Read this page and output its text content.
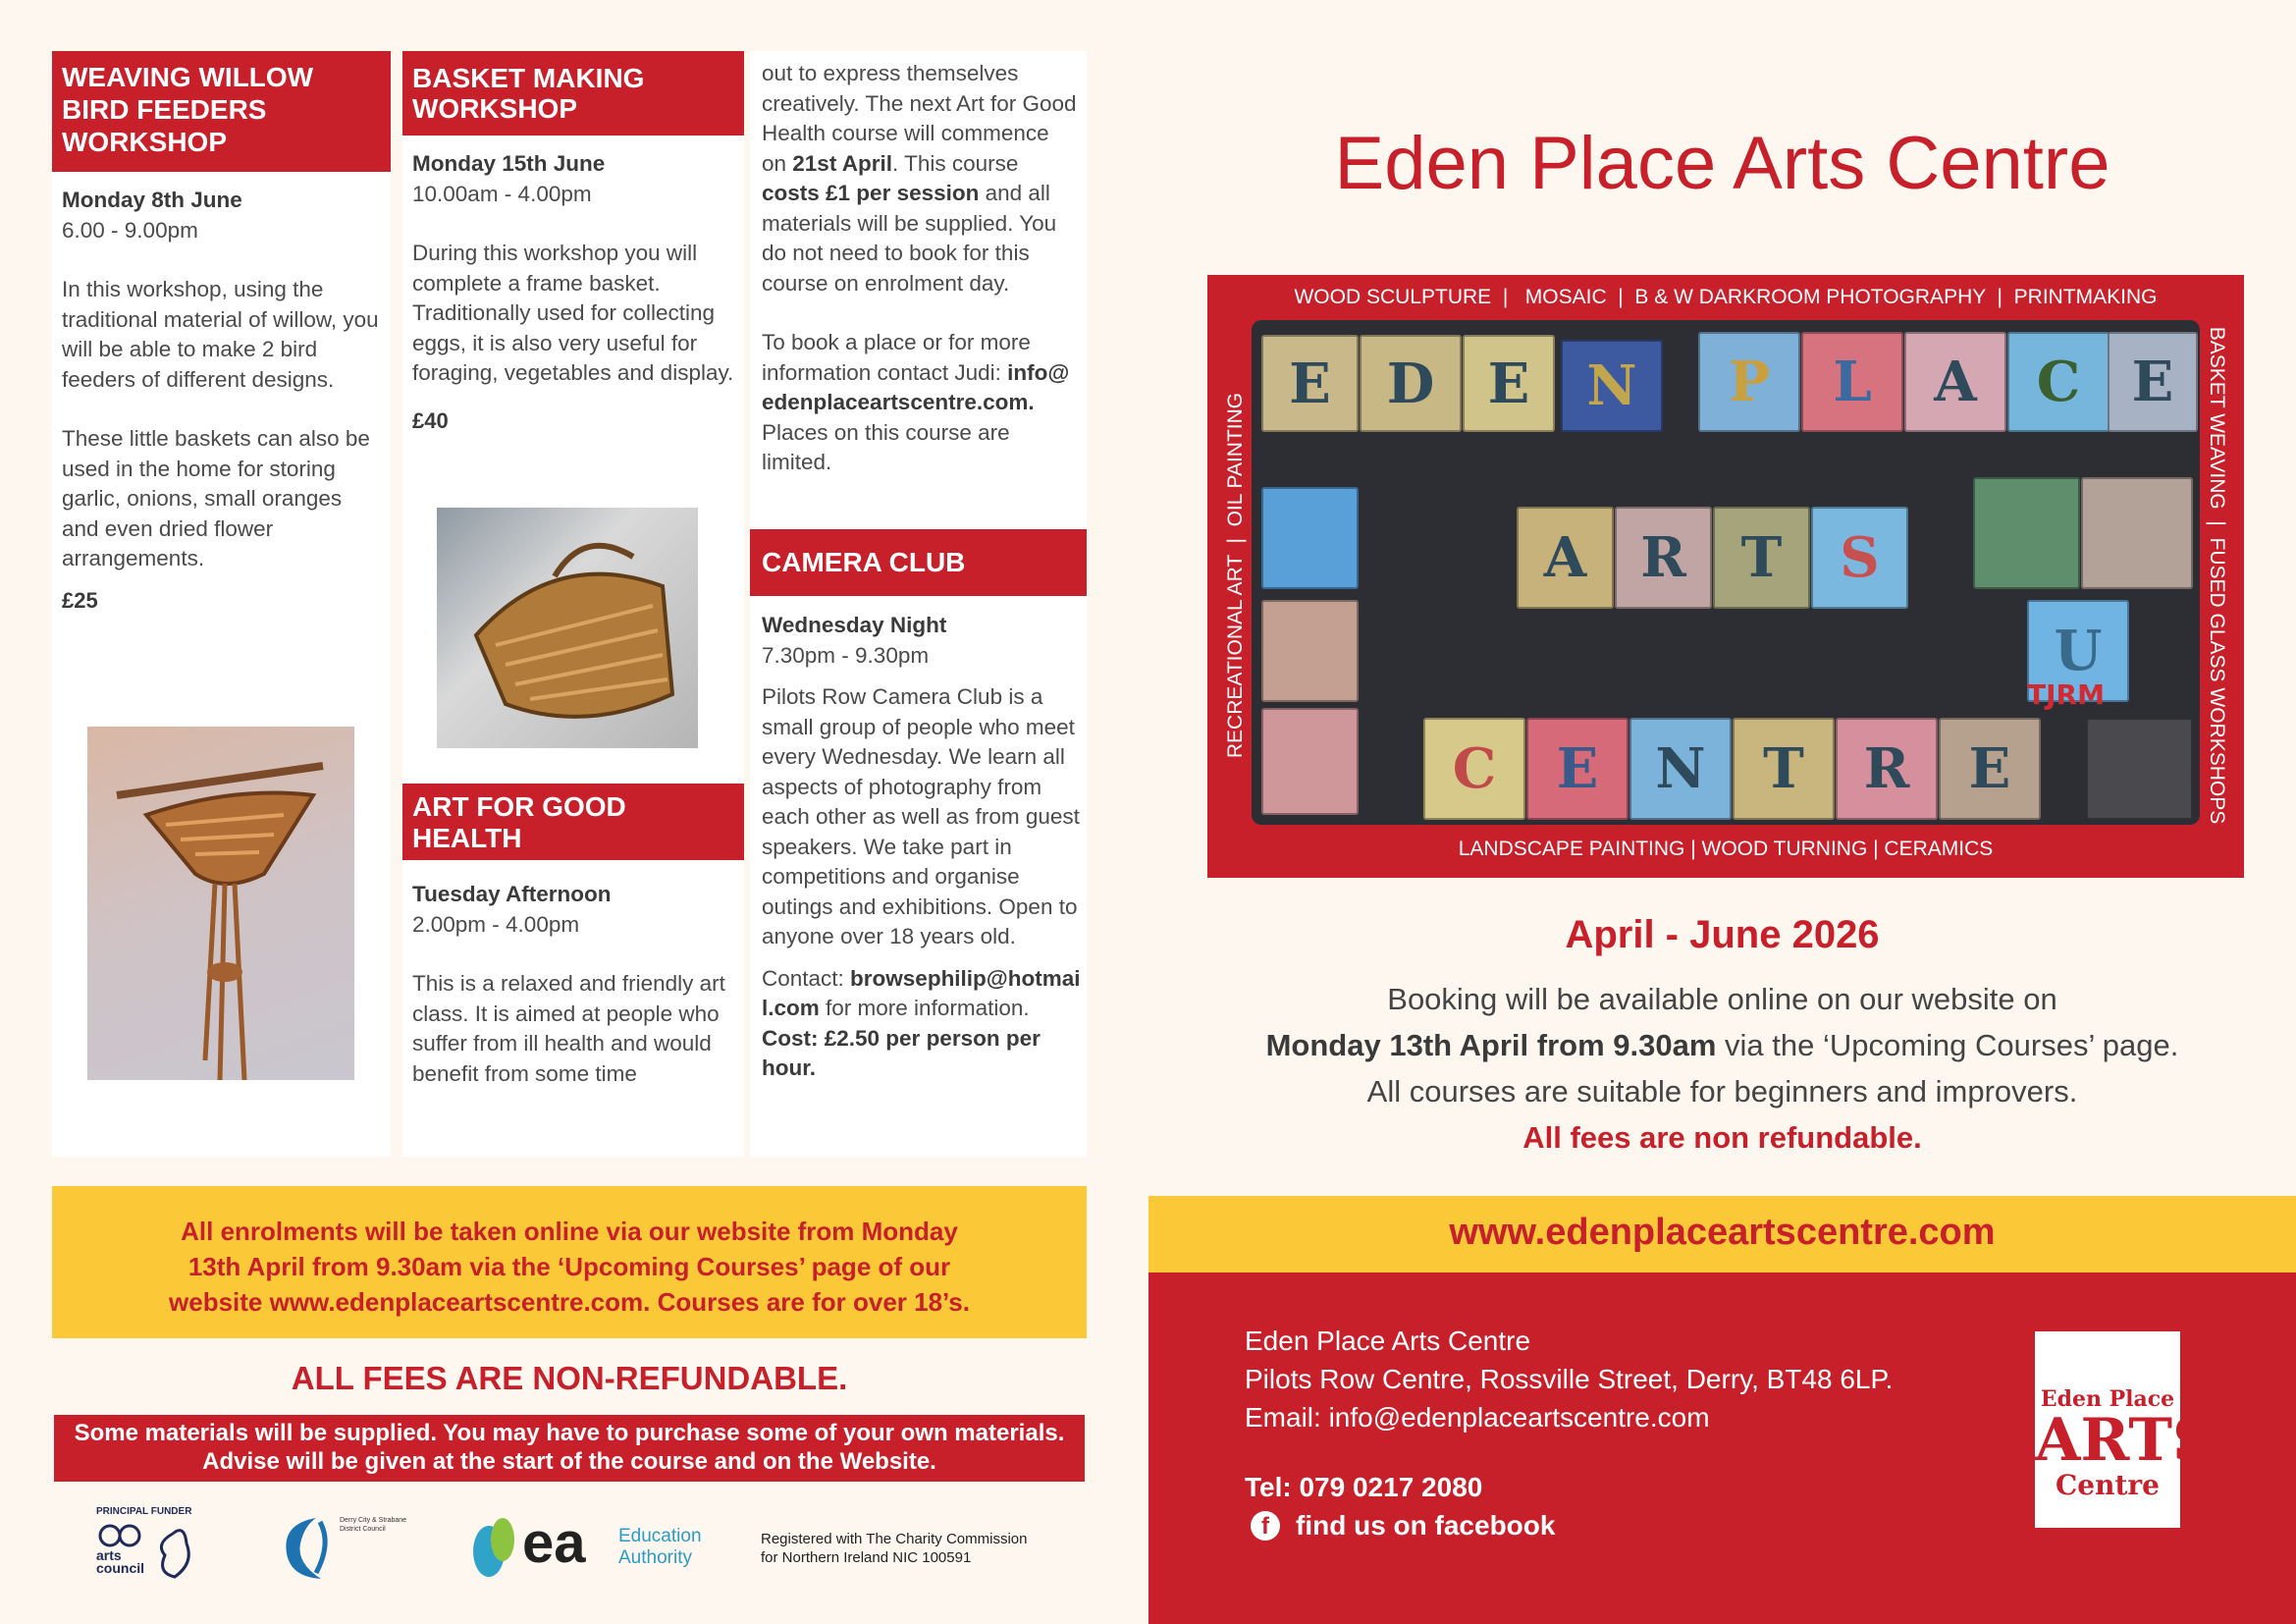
WEAVING WILLOW BIRD FEEDERS WORKSHOP
Monday 8th June
6.00 - 9.00pm

In this workshop, using the traditional material of willow, you will be able to make 2 bird feeders of different designs.

These little baskets can also be used in the home for storing garlic, onions, small oranges and even dried flower arrangements.

£25
BASKET MAKING WORKSHOP
Monday 15th June
10.00am - 4.00pm

During this workshop you will complete a frame basket. Traditionally used for collecting eggs, it is also very useful for foraging, vegetables and display.

£40
ART FOR GOOD HEALTH
Tuesday Afternoon
2.00pm - 4.00pm

This is a relaxed and friendly art class. It is aimed at people who suffer from ill health and would benefit from some time

out to express themselves creatively. The next Art for Good Health course will commence on 21st April. This course costs £1 per session and all materials will be supplied. You do not need to book for this course on enrolment day.

To book a place or for more information contact Judi: info@edenplaceartscentre.com. Places on this course are limited.

CAMERA CLUB
Wednesday Night
7.30pm - 9.30pm

Pilots Row Camera Club is a small group of people who meet every Wednesday. We learn all aspects of photography from each other as well as from guest speakers. We take part in competitions and organise outings and exhibitions. Open to anyone over 18 years old.

Contact: browsephilip@hotmail.com for more information. Cost: £2.50 per person per hour.

All enrolments will be taken online via our website from Monday 13th April from 9.30am via the ‘Upcoming Courses’ page of our website www.edenplaceartscentre.com. Courses are for over 18’s.
ALL FEES ARE NON-REFUNDABLE.
Some materials will be supplied. You may have to purchase some of your own materials. Advise will be given at the start of the course and on the Website.
PRINCIPAL FUNDER
arts council
Derry City & Strabane District Council	ea Education
Authority
Registered with The Charity Commission
for Northern Ireland NIC 100591
Eden Place Arts Centre
WOOD SCULPTURE  |   MOSAIC  |  B & W DARKROOM PHOTOGRAPHY  |  PRINTMAKING
LANDSCAPE PAINTING | WOOD TURNING | CERAMICS
RECREATIONAL ART  |  OIL PAINTING	BASKET WEAVING  |  FUSED GLASS WORKSHOPS
E D E N P L A C E
A R T S
U
TJRM
C E N T R E
April - June 2026
Booking will be available online on our website on
Monday 13th April from 9.30am via the ‘Upcoming Courses’ page.
All courses are suitable for beginners and improvers.
All fees are non refundable.
www.edenplaceartscentre.com
Eden Place Arts Centre
Pilots Row Centre, Rossville Street, Derry, BT48 6LP.
Email: info@edenplaceartscentre.com
Tel: 079 0217 2080
f find us on facebook
Eden Place
ARTS
Centre
